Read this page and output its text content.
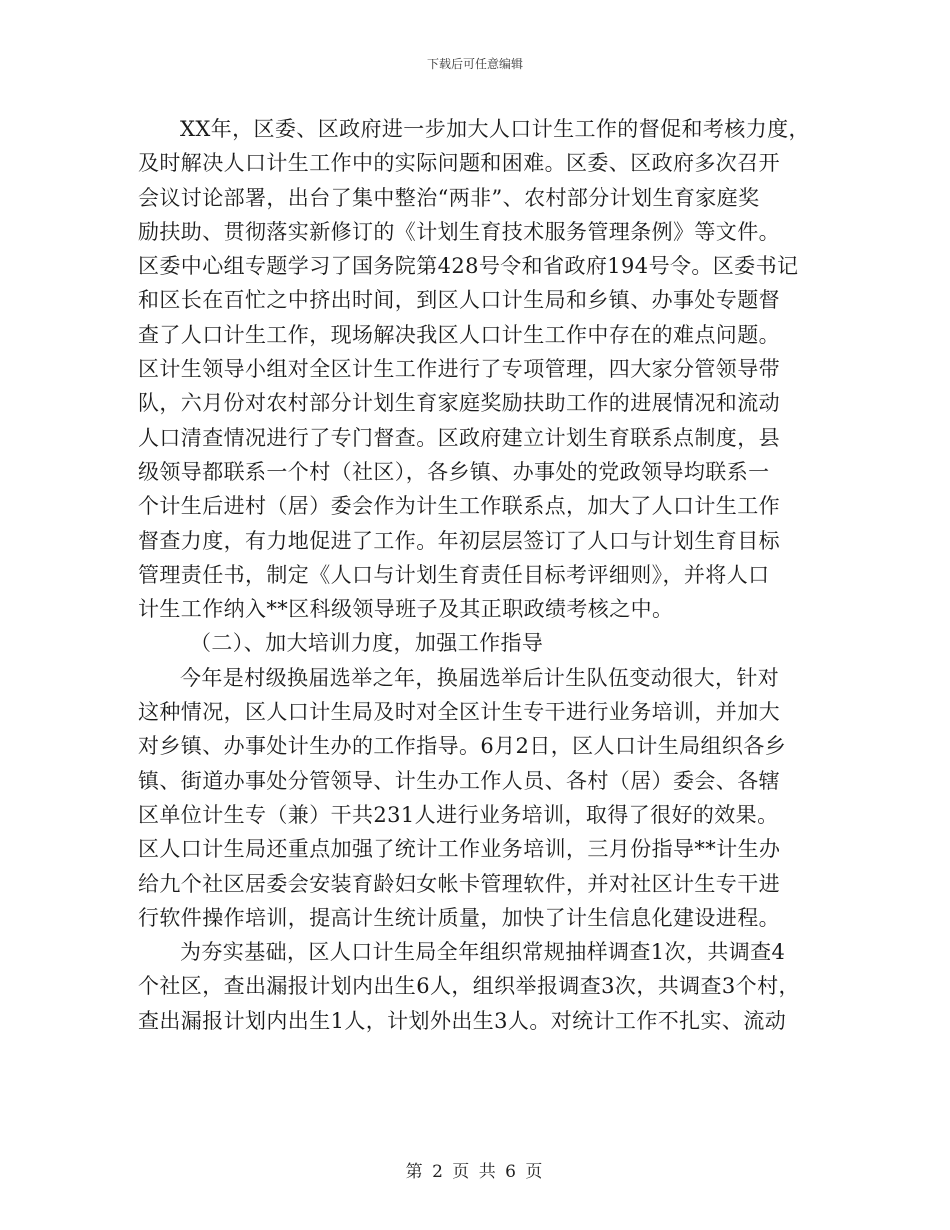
下载后可任意编辑
XX年，区委、区政府进一步加大人口计生工作的督促和考核力度，
及时解决人口计生工作中的实际问题和困难。区委、区政府多次召开
会议讨论部署，出台了集中整治“两非”、农村部分计划生育家庭奖
励扶助、贯彻落实新修订的《计划生育技术服务管理条例》等文件。
区委中心组专题学习了国务院第428号令和省政府194号令。区委书记
和区长在百忙之中挤出时间，到区人口计生局和乡镇、办事处专题督
查了人口计生工作，现场解决我区人口计生工作中存在的难点问题。
区计生领导小组对全区计生工作进行了专项管理，四大家分管领导带
队，六月份对农村部分计划生育家庭奖励扶助工作的进展情况和流动
人口清查情况进行了专门督查。区政府建立计划生育联系点制度，县
级领导都联系一个村（社区），各乡镇、办事处的党政领导均联系一
个计生后进村（居）委会作为计生工作联系点，加大了人口计生工作
督查力度，有力地促进了工作。年初层层签订了人口与计划生育目标
管理责任书，制定《人口与计划生育责任目标考评细则》，并将人口
计生工作纳入**区科级领导班子及其正职政绩考核之中。
（二）、加大培训力度，加强工作指导
今年是村级换届选举之年，换届选举后计生队伍变动很大，针对
这种情况，区人口计生局及时对全区计生专干进行业务培训，并加大
对乡镇、办事处计生办的工作指导。6月2日，区人口计生局组织各乡
镇、街道办事处分管领导、计生办工作人员、各村（居）委会、各辖
区单位计生专（兼）干共231人进行业务培训，取得了很好的效果。
区人口计生局还重点加强了统计工作业务培训，三月份指导**计生办
给九个社区居委会安装育龄妇女帐卡管理软件，并对社区计生专干进
行软件操作培训，提高计生统计质量，加快了计生信息化建设进程。
为夯实基础，区人口计生局全年组织常规抽样调查1次，共调查4
个社区，查出漏报计划内出生6人，组织举报调查3次，共调查3个村，
查出漏报计划内出生1人，计划外出生3人。对统计工作不扎实、流动
第 2 页 共 6 页
